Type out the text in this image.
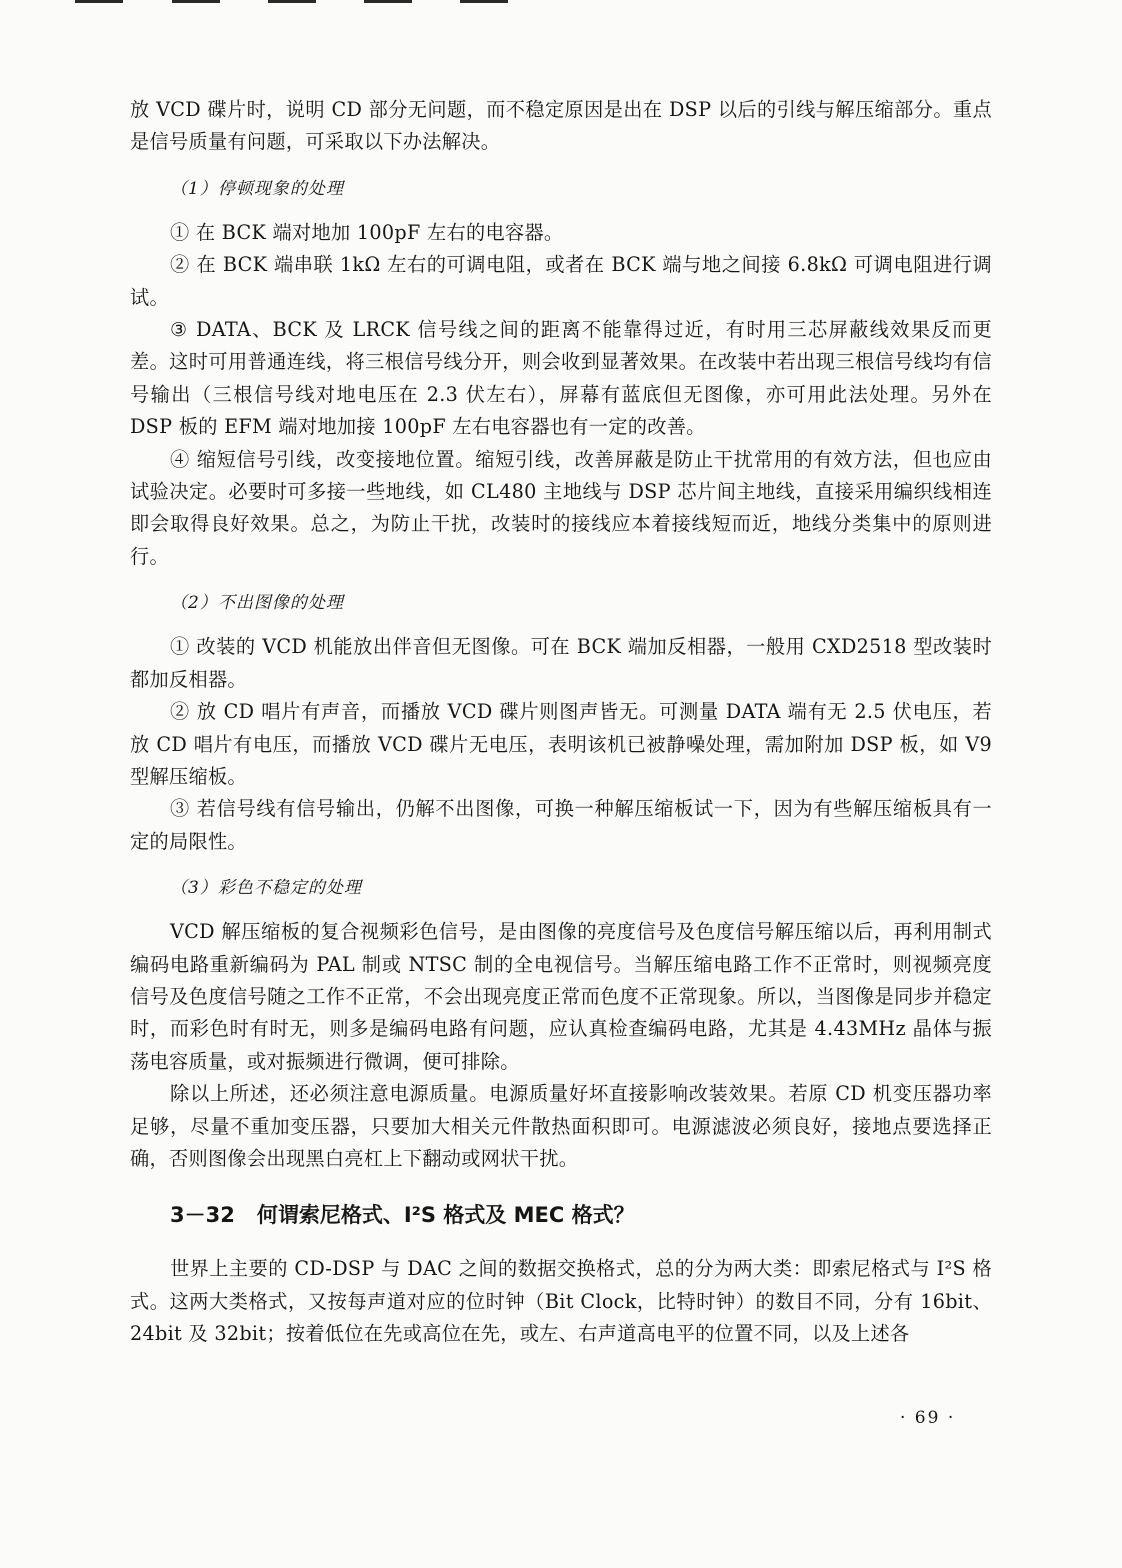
放 VCD 碟片时，说明 CD 部分无问题，而不稳定原因是出在 DSP 以后的引线与解压缩部分。重点是信号质量有问题，可采取以下办法解决。

（1）停顿现象的处理

① 在 BCK 端对地加 100pF 左右的电容器。

② 在 BCK 端串联 1kΩ 左右的可调电阻，或者在 BCK 端与地之间接 6.8kΩ 可调电阻进行调试。

③ DATA、BCK 及 LRCK 信号线之间的距离不能靠得过近，有时用三芯屏蔽线效果反而更差。这时可用普通连线，将三根信号线分开，则会收到显著效果。在改装中若出现三根信号线均有信号输出（三根信号线对地电压在 2.3 伏左右），屏幕有蓝底但无图像，亦可用此法处理。另外在 DSP 板的 EFM 端对地加接 100pF 左右电容器也有一定的改善。

④ 缩短信号引线，改变接地位置。缩短引线，改善屏蔽是防止干扰常用的有效方法，但也应由试验决定。必要时可多接一些地线，如 CL480 主地线与 DSP 芯片间主地线，直接采用编织线相连即会取得良好效果。总之，为防止干扰，改装时的接线应本着接线短而近，地线分类集中的原则进行。

（2）不出图像的处理

① 改装的 VCD 机能放出伴音但无图像。可在 BCK 端加反相器，一般用 CXD2518 型改装时都加反相器。

② 放 CD 唱片有声音，而播放 VCD 碟片则图声皆无。可测量 DATA 端有无 2.5 伏电压，若放 CD 唱片有电压，而播放 VCD 碟片无电压，表明该机已被静噪处理，需加附加 DSP 板，如 V9 型解压缩板。

③ 若信号线有信号输出，仍解不出图像，可换一种解压缩板试一下，因为有些解压缩板具有一定的局限性。

（3）彩色不稳定的处理

VCD 解压缩板的复合视频彩色信号，是由图像的亮度信号及色度信号解压缩以后，再利用制式编码电路重新编码为 PAL 制或 NTSC 制的全电视信号。当解压缩电路工作不正常时，则视频亮度信号及色度信号随之工作不正常，不会出现亮度正常而色度不正常现象。所以，当图像是同步并稳定时，而彩色时有时无，则多是编码电路有问题，应认真检查编码电路，尤其是 4.43MHz 晶体与振荡电容质量，或对振频进行微调，便可排除。

除以上所述，还必须注意电源质量。电源质量好坏直接影响改装效果。若原 CD 机变压器功率足够，尽量不重加变压器，只要加大相关元件散热面积即可。电源滤波必须良好，接地点要选择正确，否则图像会出现黑白亮杠上下翻动或网状干扰。

3－32 何谓索尼格式、I²S 格式及 MEC 格式？

世界上主要的 CD-DSP 与 DAC 之间的数据交换格式，总的分为两大类：即索尼格式与 I²S 格式。这两大类格式，又按每声道对应的位时钟（Bit Clock，比特时钟）的数目不同，分有 16bit、24bit 及 32bit；按着低位在先或高位在先，或左、右声道高电平的位置不同，以及上述各

· 69 ·
